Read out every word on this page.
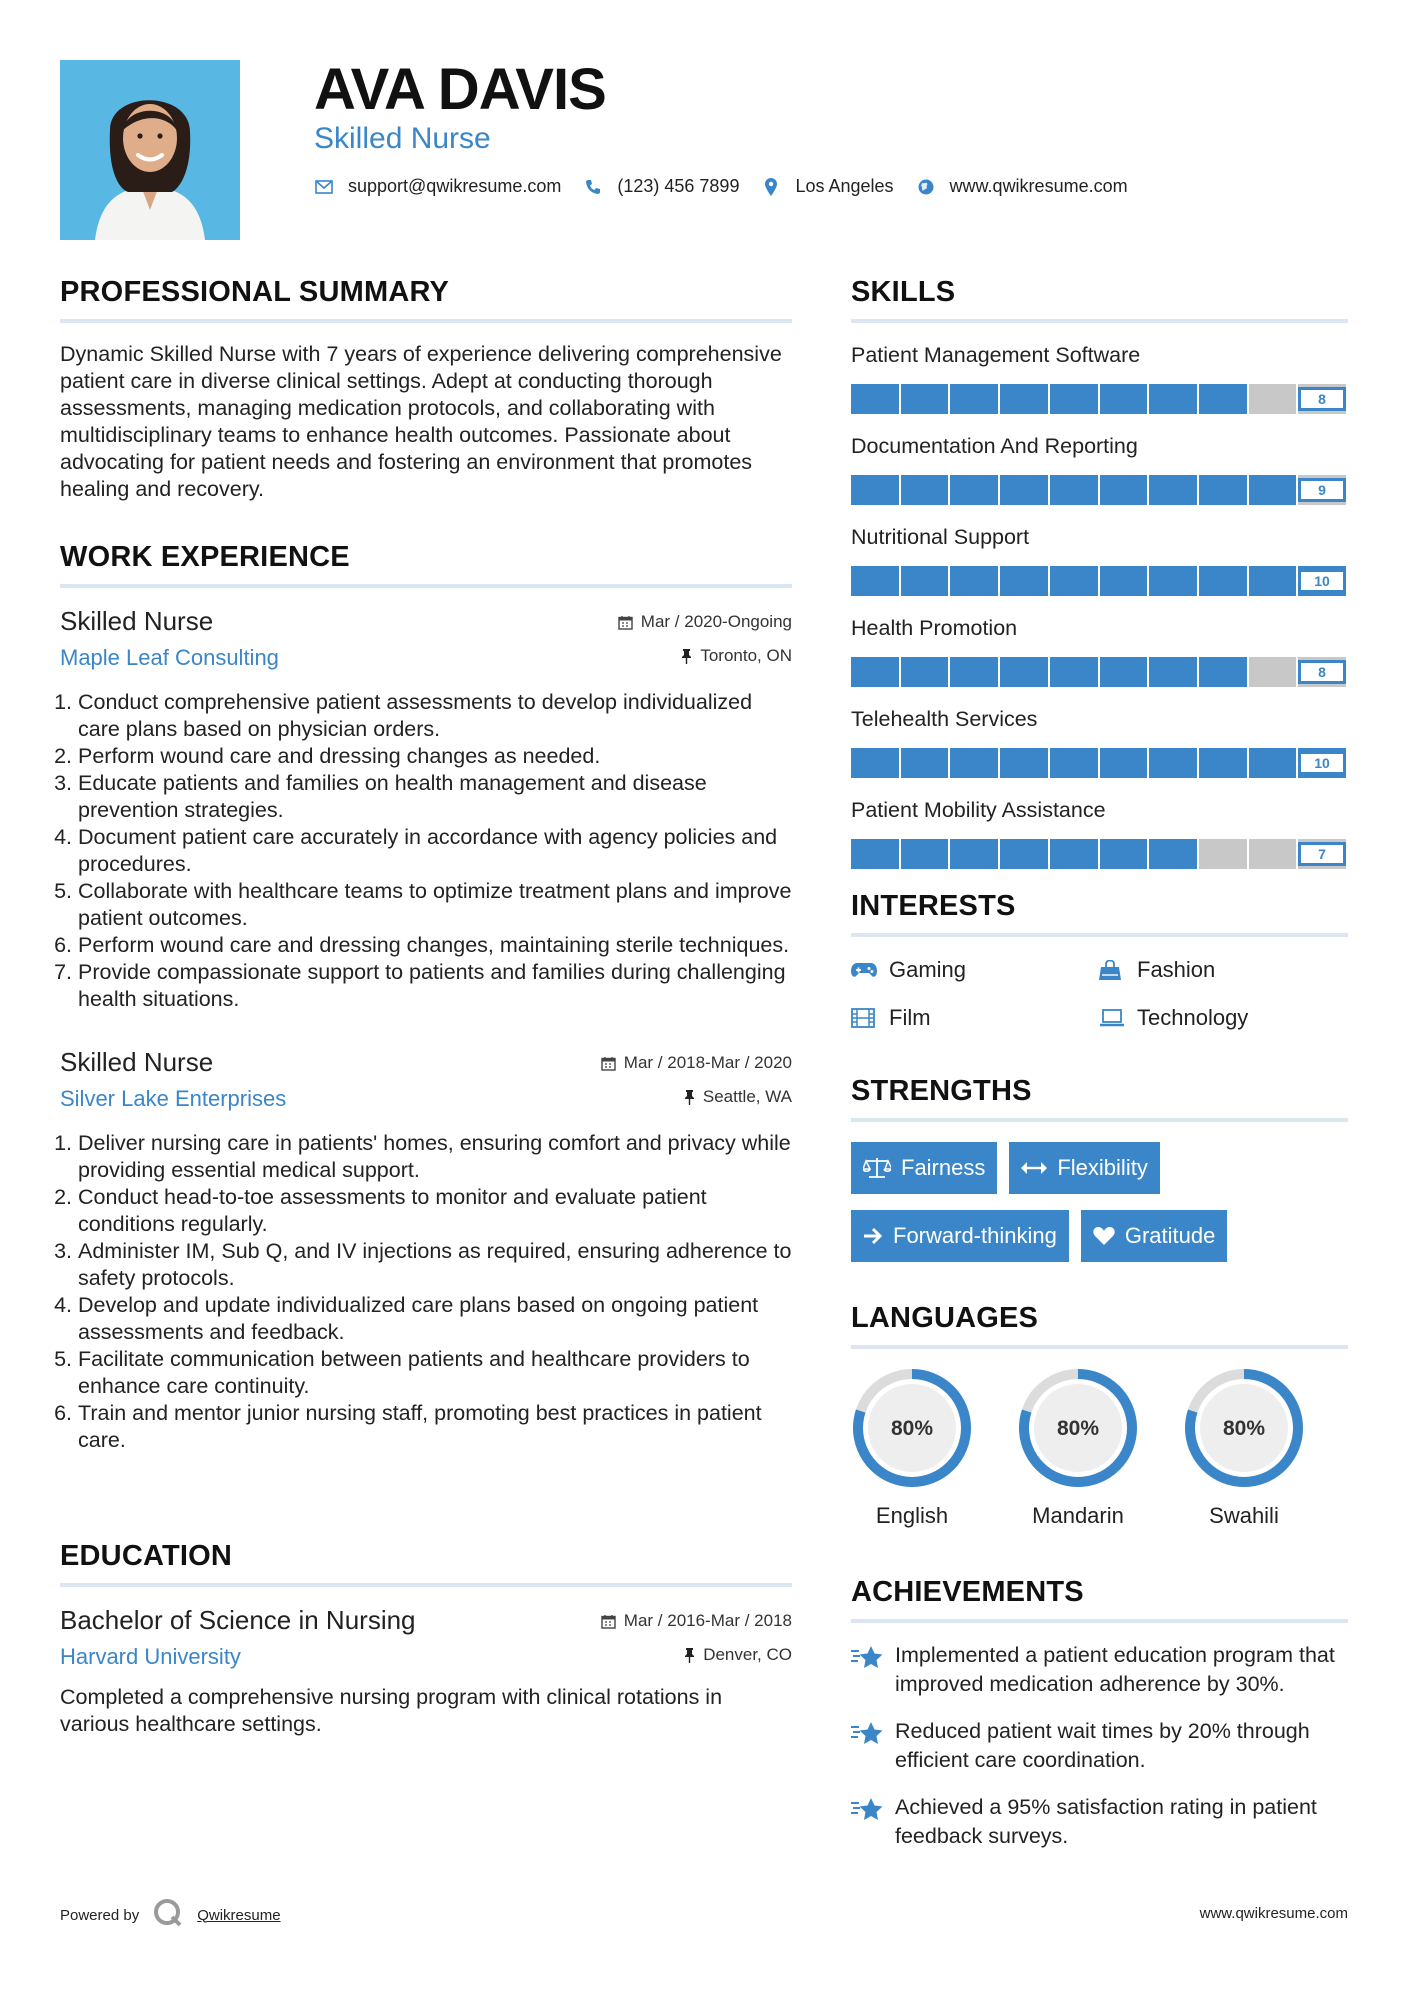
AVA DAVIS
Skilled Nurse
support@qwikresume.com	(123) 456 7899	Los Angeles	www.qwikresume.com
PROFESSIONAL SUMMARY
Dynamic Skilled Nurse with 7 years of experience delivering comprehensive patient care in diverse clinical settings. Adept at conducting thorough assessments, managing medication protocols, and collaborating with multidisciplinary teams to enhance health outcomes. Passionate about advocating for patient needs and fostering an environment that promotes healing and recovery.
WORK EXPERIENCE
Skilled Nurse
Maple Leaf Consulting
Mar / 2020-Ongoing
Toronto, ON
1. Conduct comprehensive patient assessments to develop individualized care plans based on physician orders.
2. Perform wound care and dressing changes as needed.
3. Educate patients and families on health management and disease prevention strategies.
4. Document patient care accurately in accordance with agency policies and procedures.
5. Collaborate with healthcare teams to optimize treatment plans and improve patient outcomes.
6. Perform wound care and dressing changes, maintaining sterile techniques.
7. Provide compassionate support to patients and families during challenging health situations.
Skilled Nurse
Silver Lake Enterprises
Mar / 2018-Mar / 2020
Seattle, WA
1. Deliver nursing care in patients' homes, ensuring comfort and privacy while providing essential medical support.
2. Conduct head-to-toe assessments to monitor and evaluate patient conditions regularly.
3. Administer IM, Sub Q, and IV injections as required, ensuring adherence to safety protocols.
4. Develop and update individualized care plans based on ongoing patient assessments and feedback.
5. Facilitate communication between patients and healthcare providers to enhance care continuity.
6. Train and mentor junior nursing staff, promoting best practices in patient care.
EDUCATION
Bachelor of Science in Nursing
Harvard University
Mar / 2016-Mar / 2018
Denver, CO
Completed a comprehensive nursing program with clinical rotations in various healthcare settings.
SKILLS
Patient Management Software
8
Documentation And Reporting
9
Nutritional Support
10
Health Promotion
8
Telehealth Services
10
Patient Mobility Assistance
7
INTERESTS
Gaming	Fashion
Film	Technology
STRENGTHS
Fairness	Flexibility
Forward-thinking	Gratitude
LANGUAGES
80%
English
80%
Mandarin
80%
Swahili
ACHIEVEMENTS
Implemented a patient education program that improved medication adherence by 30%.
Reduced patient wait times by 20% through efficient care coordination.
Achieved a 95% satisfaction rating in patient feedback surveys.
Powered by	Qwikresume	www.qwikresume.com
